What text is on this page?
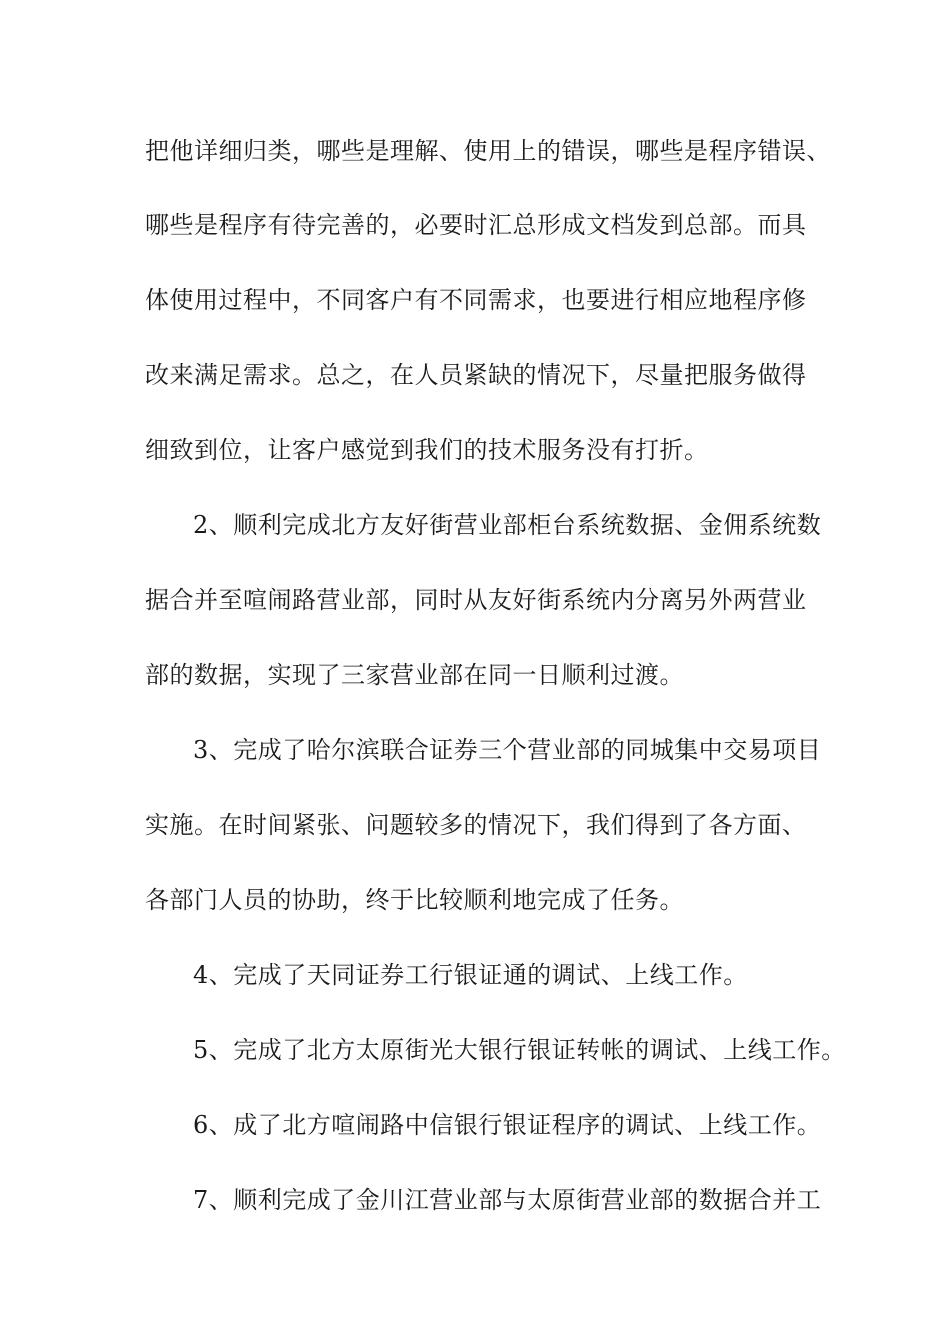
把他详细归类，哪些是理解、使用上的错误，哪些是程序错误、
哪些是程序有待完善的，必要时汇总形成文档发到总部。而具
体使用过程中，不同客户有不同需求，也要进行相应地程序修
改来满足需求。总之，在人员紧缺的情况下，尽量把服务做得
细致到位，让客户感觉到我们的技术服务没有打折。
2、顺利完成北方友好街营业部柜台系统数据、金佣系统数
据合并至喧闹路营业部，同时从友好街系统内分离另外两营业
部的数据，实现了三家营业部在同一日顺利过渡。
3、完成了哈尔滨联合证券三个营业部的同城集中交易项目
实施。在时间紧张、问题较多的情况下，我们得到了各方面、
各部门人员的协助，终于比较顺利地完成了任务。
4、完成了天同证券工行银证通的调试、上线工作。
5、完成了北方太原街光大银行银证转帐的调试、上线工作。
6、成了北方喧闹路中信银行银证程序的调试、上线工作。
7、顺利完成了金川江营业部与太原街营业部的数据合并工
